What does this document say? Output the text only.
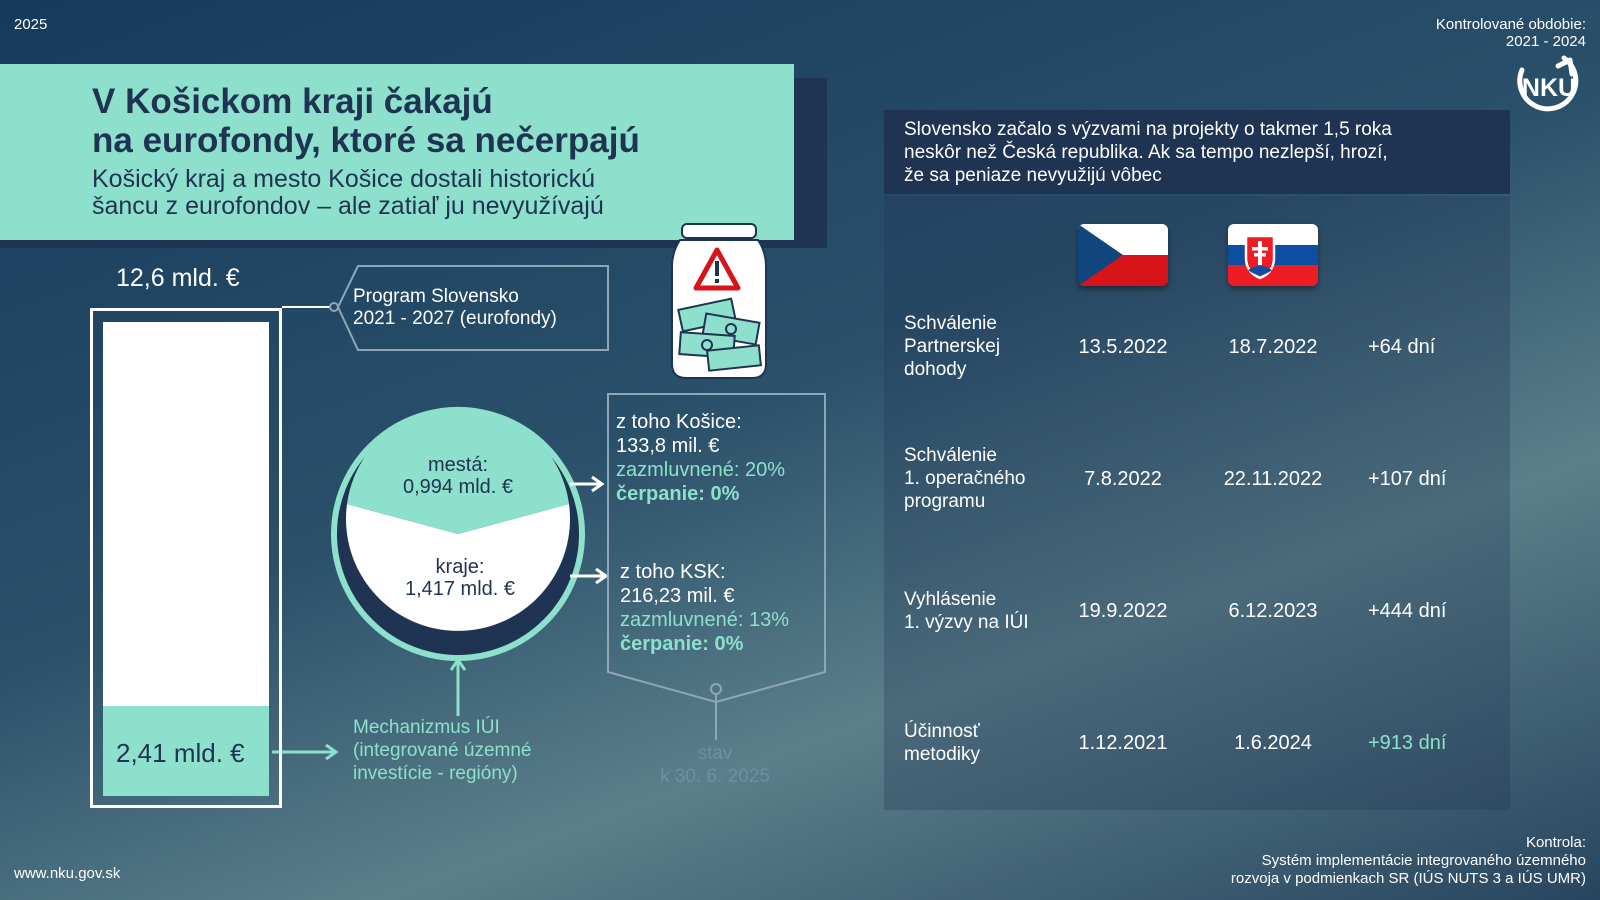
2025	Kontrolované obdobie:
2021 - 2024
NKU
V Košickom kraji čakajú
na eurofondy, ktoré sa nečerpajú
Košický kraj a mesto Košice dostali historickú
šancu z eurofondov – ale zatiaľ ju nevyužívajú
12,6 mld. €
2,41 mld. €
Program Slovensko
2021 - 2027 (eurofondy)
mestá:
0,994 mld. €
kraje:
1,417 mld. €
z toho Košice:
133,8 mil. €
zazmluvnené: 20%
čerpanie: 0%
z toho KSK:
216,23 mil. €
zazmluvnené: 13%
čerpanie: 0%
Mechanizmus IÚI
(integrované územné
investície - regióny)
stav
k 30. 6. 2025
Slovensko začalo s výzvami na projekty o takmer 1,5 roka
neskôr než Česká republika. Ak sa tempo nezlepší, hrozí,
že sa peniaze nevyužijú vôbec
Schválenie
Partnerskej
dohody
13.5.2022	18.7.2022	+64 dní
Schválenie
1. operačného
programu
7.8.2022	22.11.2022	+107 dní
Vyhlásenie
1. výzvy na IÚI
19.9.2022	6.12.2023	+444 dní
Účinnosť
metodiky
1.12.2021	1.6.2024	+913 dní
www.nku.gov.sk
Kontrola:
Systém implementácie integrovaného územného
rozvoja v podmienkach SR (IÚS NUTS 3 a IÚS UMR)
